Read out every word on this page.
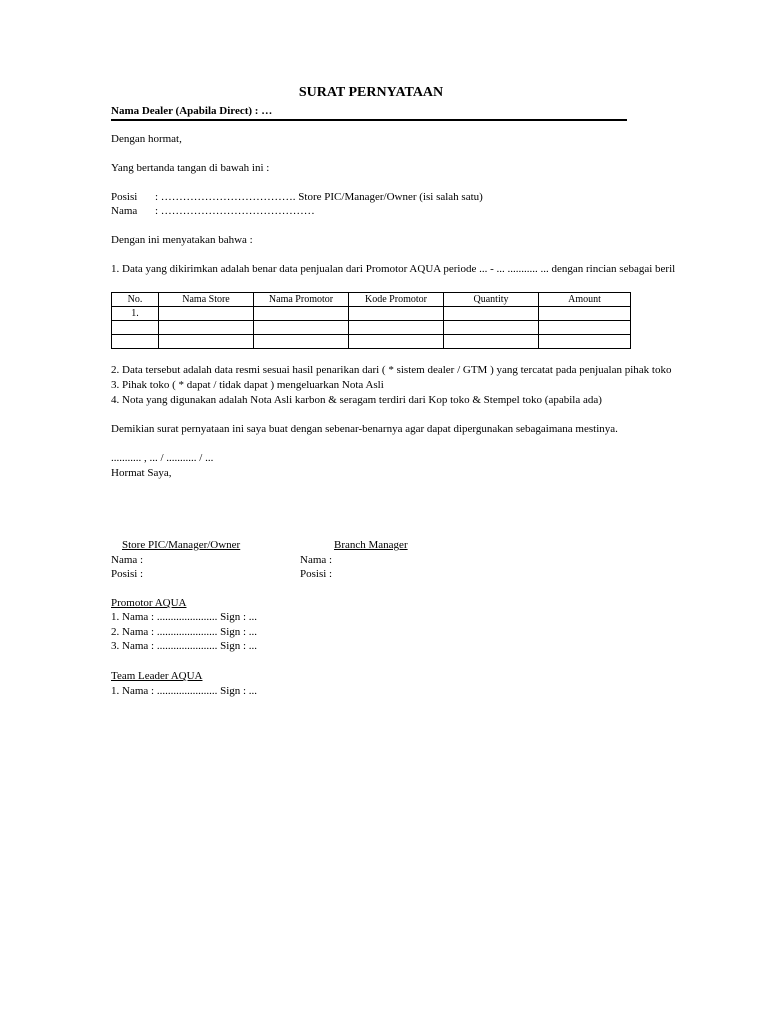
SURAT PERNYATAAN
Nama Dealer (Apabila Direct) : …
Dengan hormat,
Yang bertanda tangan di bawah ini :
Posisi : ………………………………. Store PIC/Manager/Owner (isi salah satu)
Nama : ……………………………………
Dengan ini menyatakan bahwa :
1. Data yang dikirimkan adalah benar data penjualan dari Promotor AQUA periode ... - ... ........... ... dengan rincian sebagai beril
No.	Nama Store	Nama Promotor	Kode Promotor	Quantity	Amount
1.					

2. Data tersebut adalah data resmi sesuai hasil penarikan dari ( * sistem dealer / GTM ) yang tercatat pada penjualan pihak toko
3. Pihak toko ( * dapat / tidak dapat ) mengeluarkan Nota Asli
4. Nota yang digunakan adalah Nota Asli karbon & seragam terdiri dari Kop toko & Stempel toko (apabila ada)
Demikian surat pernyataan ini saya buat dengan sebenar-benarnya agar dapat dipergunakan sebagaimana mestinya.
........... , ... / ........... / ...
Hormat Saya,
Store PIC/Manager/Owner
Nama :
Posisi :
Branch Manager
Nama :
Posisi :
Promotor AQUA
1. Nama : ...................... Sign : ...
2. Nama : ...................... Sign : ...
3. Nama : ...................... Sign : ...
Team Leader AQUA
1. Nama : ...................... Sign : ...
